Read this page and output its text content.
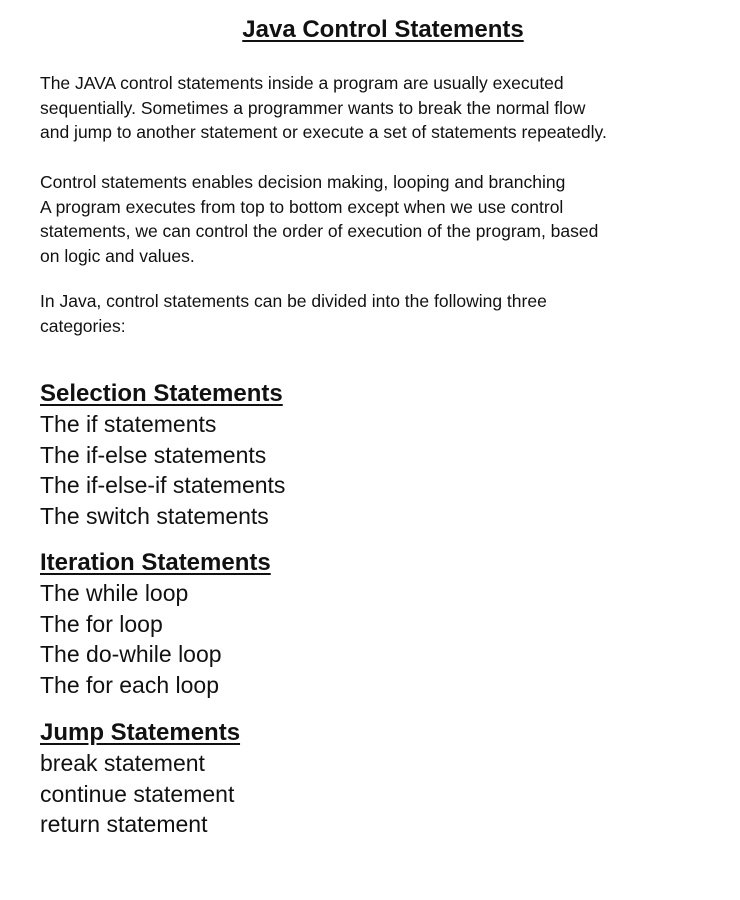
Java Control Statements

The JAVA control statements inside a program are usually executed
sequentially. Sometimes a programmer wants to break the normal flow
and jump to another statement or execute a set of statements repeatedly.

Control statements enables decision making, looping and branching
A program executes from top to bottom except when we use control
statements, we can control the order of execution of the program, based
on logic and values.

In Java, control statements can be divided into the following three
categories:

Selection Statements
The if statements
The if-else statements
The if-else-if statements
The switch statements
Iteration Statements
The while loop
The for loop
The do-while loop
The for each loop
Jump Statements
break statement
continue statement
return statement
